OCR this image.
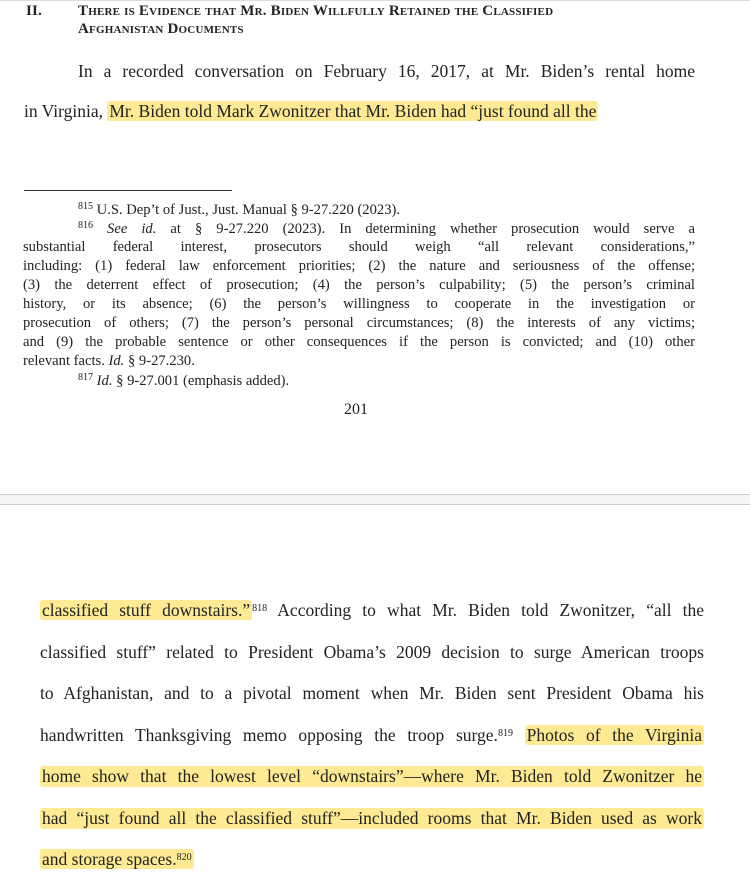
II. There is Evidence that Mr. Biden Willfully Retained the Classified
Afghanistan Documents
In a recorded conversation on February 16, 2017, at Mr. Biden’s rental home
in Virginia, Mr. Biden told Mark Zwonitzer that Mr. Biden had “just found all the
$^{815}$ U.S. Dep’t of Just., Just. Manual § 9-27.220 (2023).
$^{816}$ See id. at § 9-27.220 (2023). In determining whether prosecution would serve a
substantial federal interest, prosecutors should weigh “all relevant considerations,”
including: (1) federal law enforcement priorities; (2) the nature and seriousness of the offense;
(3) the deterrent effect of prosecution; (4) the person’s culpability; (5) the person’s criminal
history, or its absence; (6) the person’s willingness to cooperate in the investigation or
prosecution of others; (7) the person’s personal circumstances; (8) the interests of any victims;
and (9) the probable sentence or other consequences if the person is convicted; and (10) other
relevant facts. Id. § 9-27.230.
$^{817}$ Id. § 9-27.001 (emphasis added).
201
classified stuff downstairs.” $^{818}$ According to what Mr. Biden told Zwonitzer, “all the
classified stuff” related to President Obama’s 2009 decision to surge American troops
to Afghanistan, and to a pivotal moment when Mr. Biden sent President Obama his
handwritten Thanksgiving memo opposing the troop surge.$^{819}$ Photos of the Virginia
home show that the lowest level “downstairs”—where Mr. Biden told Zwonitzer he
had “just found all the classified stuff”—included rooms that Mr. Biden used as work
and storage spaces.$^{820}$
